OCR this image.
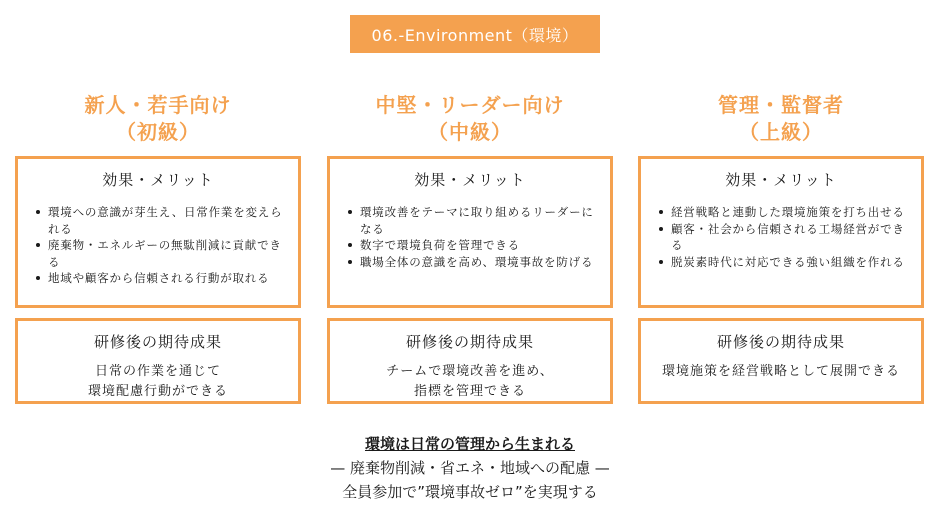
06.-Environment（環境）
新人・若手向け
（初級）
効果・メリット
環境への意識が芽生え、日常作業を変えられる
廃棄物・エネルギーの無駄削減に貢献できる
地域や顧客から信頼される行動が取れる
研修後の期待成果
日常の作業を通じて
環境配慮行動ができる
中堅・リーダー向け
（中級）
効果・メリット
環境改善をテーマに取り組めるリーダーになる
数字で環境負荷を管理できる
職場全体の意識を高め、環境事故を防げる
研修後の期待成果
チームで環境改善を進め、
指標を管理できる
管理・監督者
（上級）
効果・メリット
経営戦略と連動した環境施策を打ち出せる
顧客・社会から信頼される工場経営ができる
脱炭素時代に対応できる強い組織を作れる
研修後の期待成果
環境施策を経営戦略として展開できる
環境は日常の管理から生まれる
— 廃棄物削減・省エネ・地域への配慮 —
全員参加で”環境事故ゼロ”を実現する
